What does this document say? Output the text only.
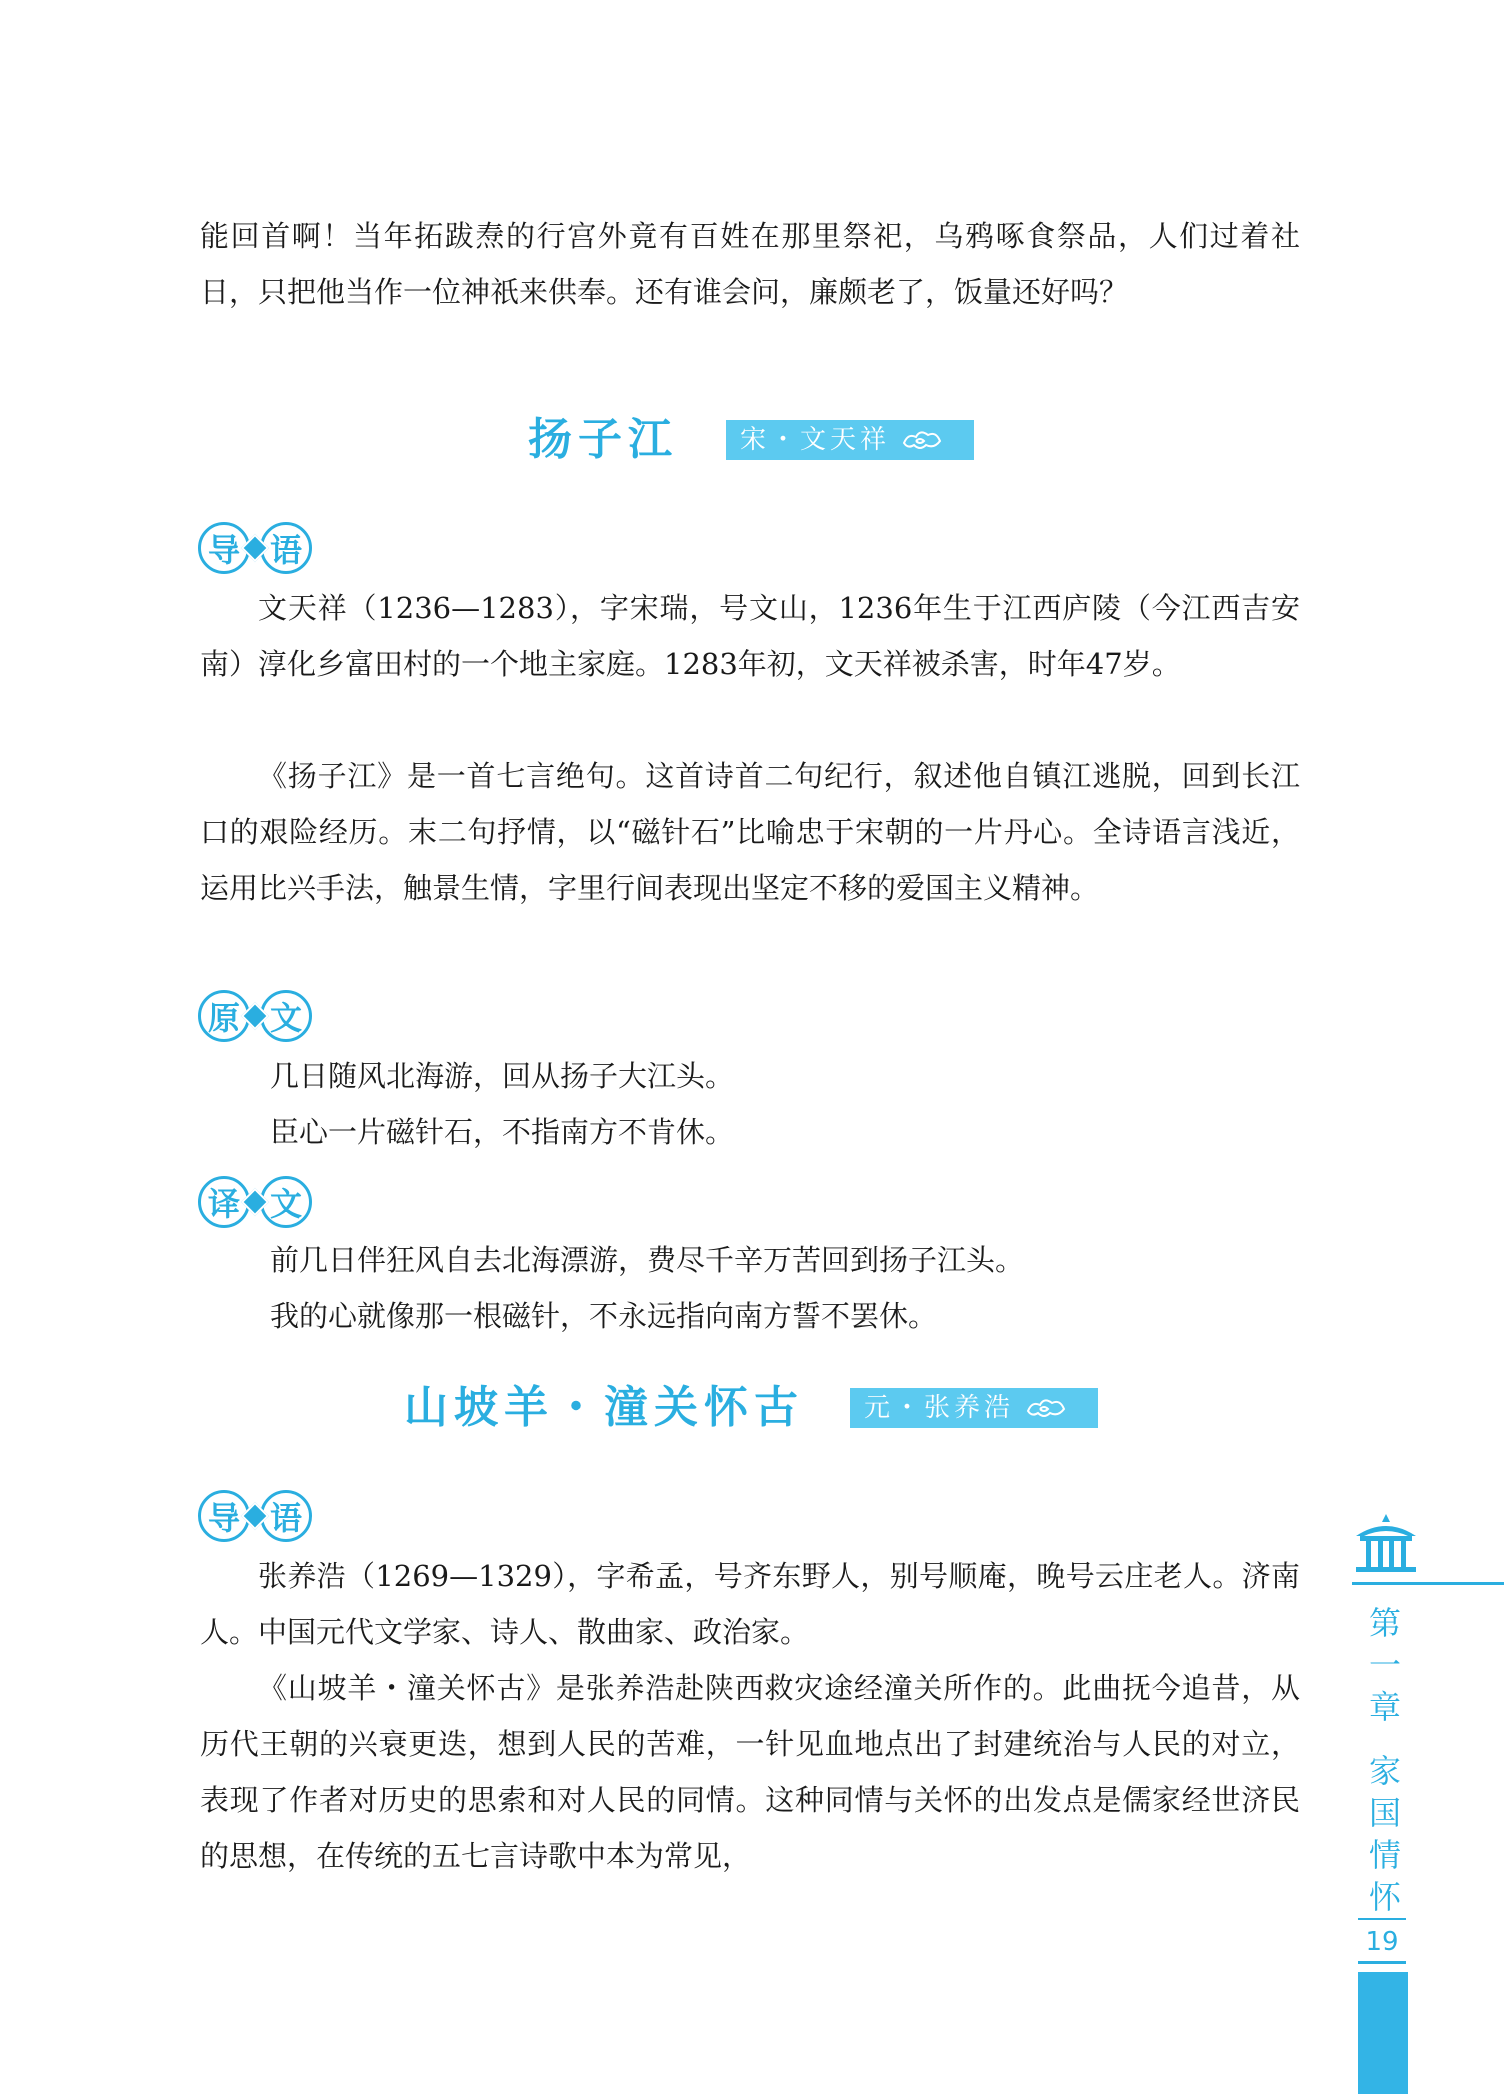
能回首啊！当年拓跋焘的行宫外竟有百姓在那里祭祀，乌鸦啄食祭品，人们过着社日，只把他当作一位神祇来供奉。还有谁会问，廉颇老了，饭量还好吗？

扬子江 宋・文天祥
导 语

文天祥（1236—1283），字宋瑞，号文山，1236年生于江西庐陵（今江西吉安南）淳化乡富田村的一个地主家庭。1283年初，文天祥被杀害，时年47岁。

《扬子江》是一首七言绝句。这首诗首二句纪行，叙述他自镇江逃脱，回到长江口的艰险经历。末二句抒情，以“磁针石”比喻忠于宋朝的一片丹心。全诗语言浅近，运用比兴手法，触景生情，字里行间表现出坚定不移的爱国主义精神。

原 文

几日随风北海游，回从扬子大江头。

臣心一片磁针石，不指南方不肯休。

译 文

前几日伴狂风自去北海漂游，费尽千辛万苦回到扬子江头。

我的心就像那一根磁针，不永远指向南方誓不罢休。

山坡羊・潼关怀古 元・张养浩
导 语

张养浩（1269—1329），字希孟，号齐东野人，别号顺庵，晚号云庄老人。济南人。中国元代文学家、诗人、散曲家、政治家。

《山坡羊・潼关怀古》是张养浩赴陕西救灾途经潼关所作的。此曲抚今追昔，从历代王朝的兴衰更迭，想到人民的苦难，一针见血地点出了封建统治与人民的对立，表现了作者对历史的思索和对人民的同情。这种同情与关怀的出发点是儒家经世济民的思想，在传统的五七言诗歌中本为常见，

第
一
章
家
国
情
怀
19
